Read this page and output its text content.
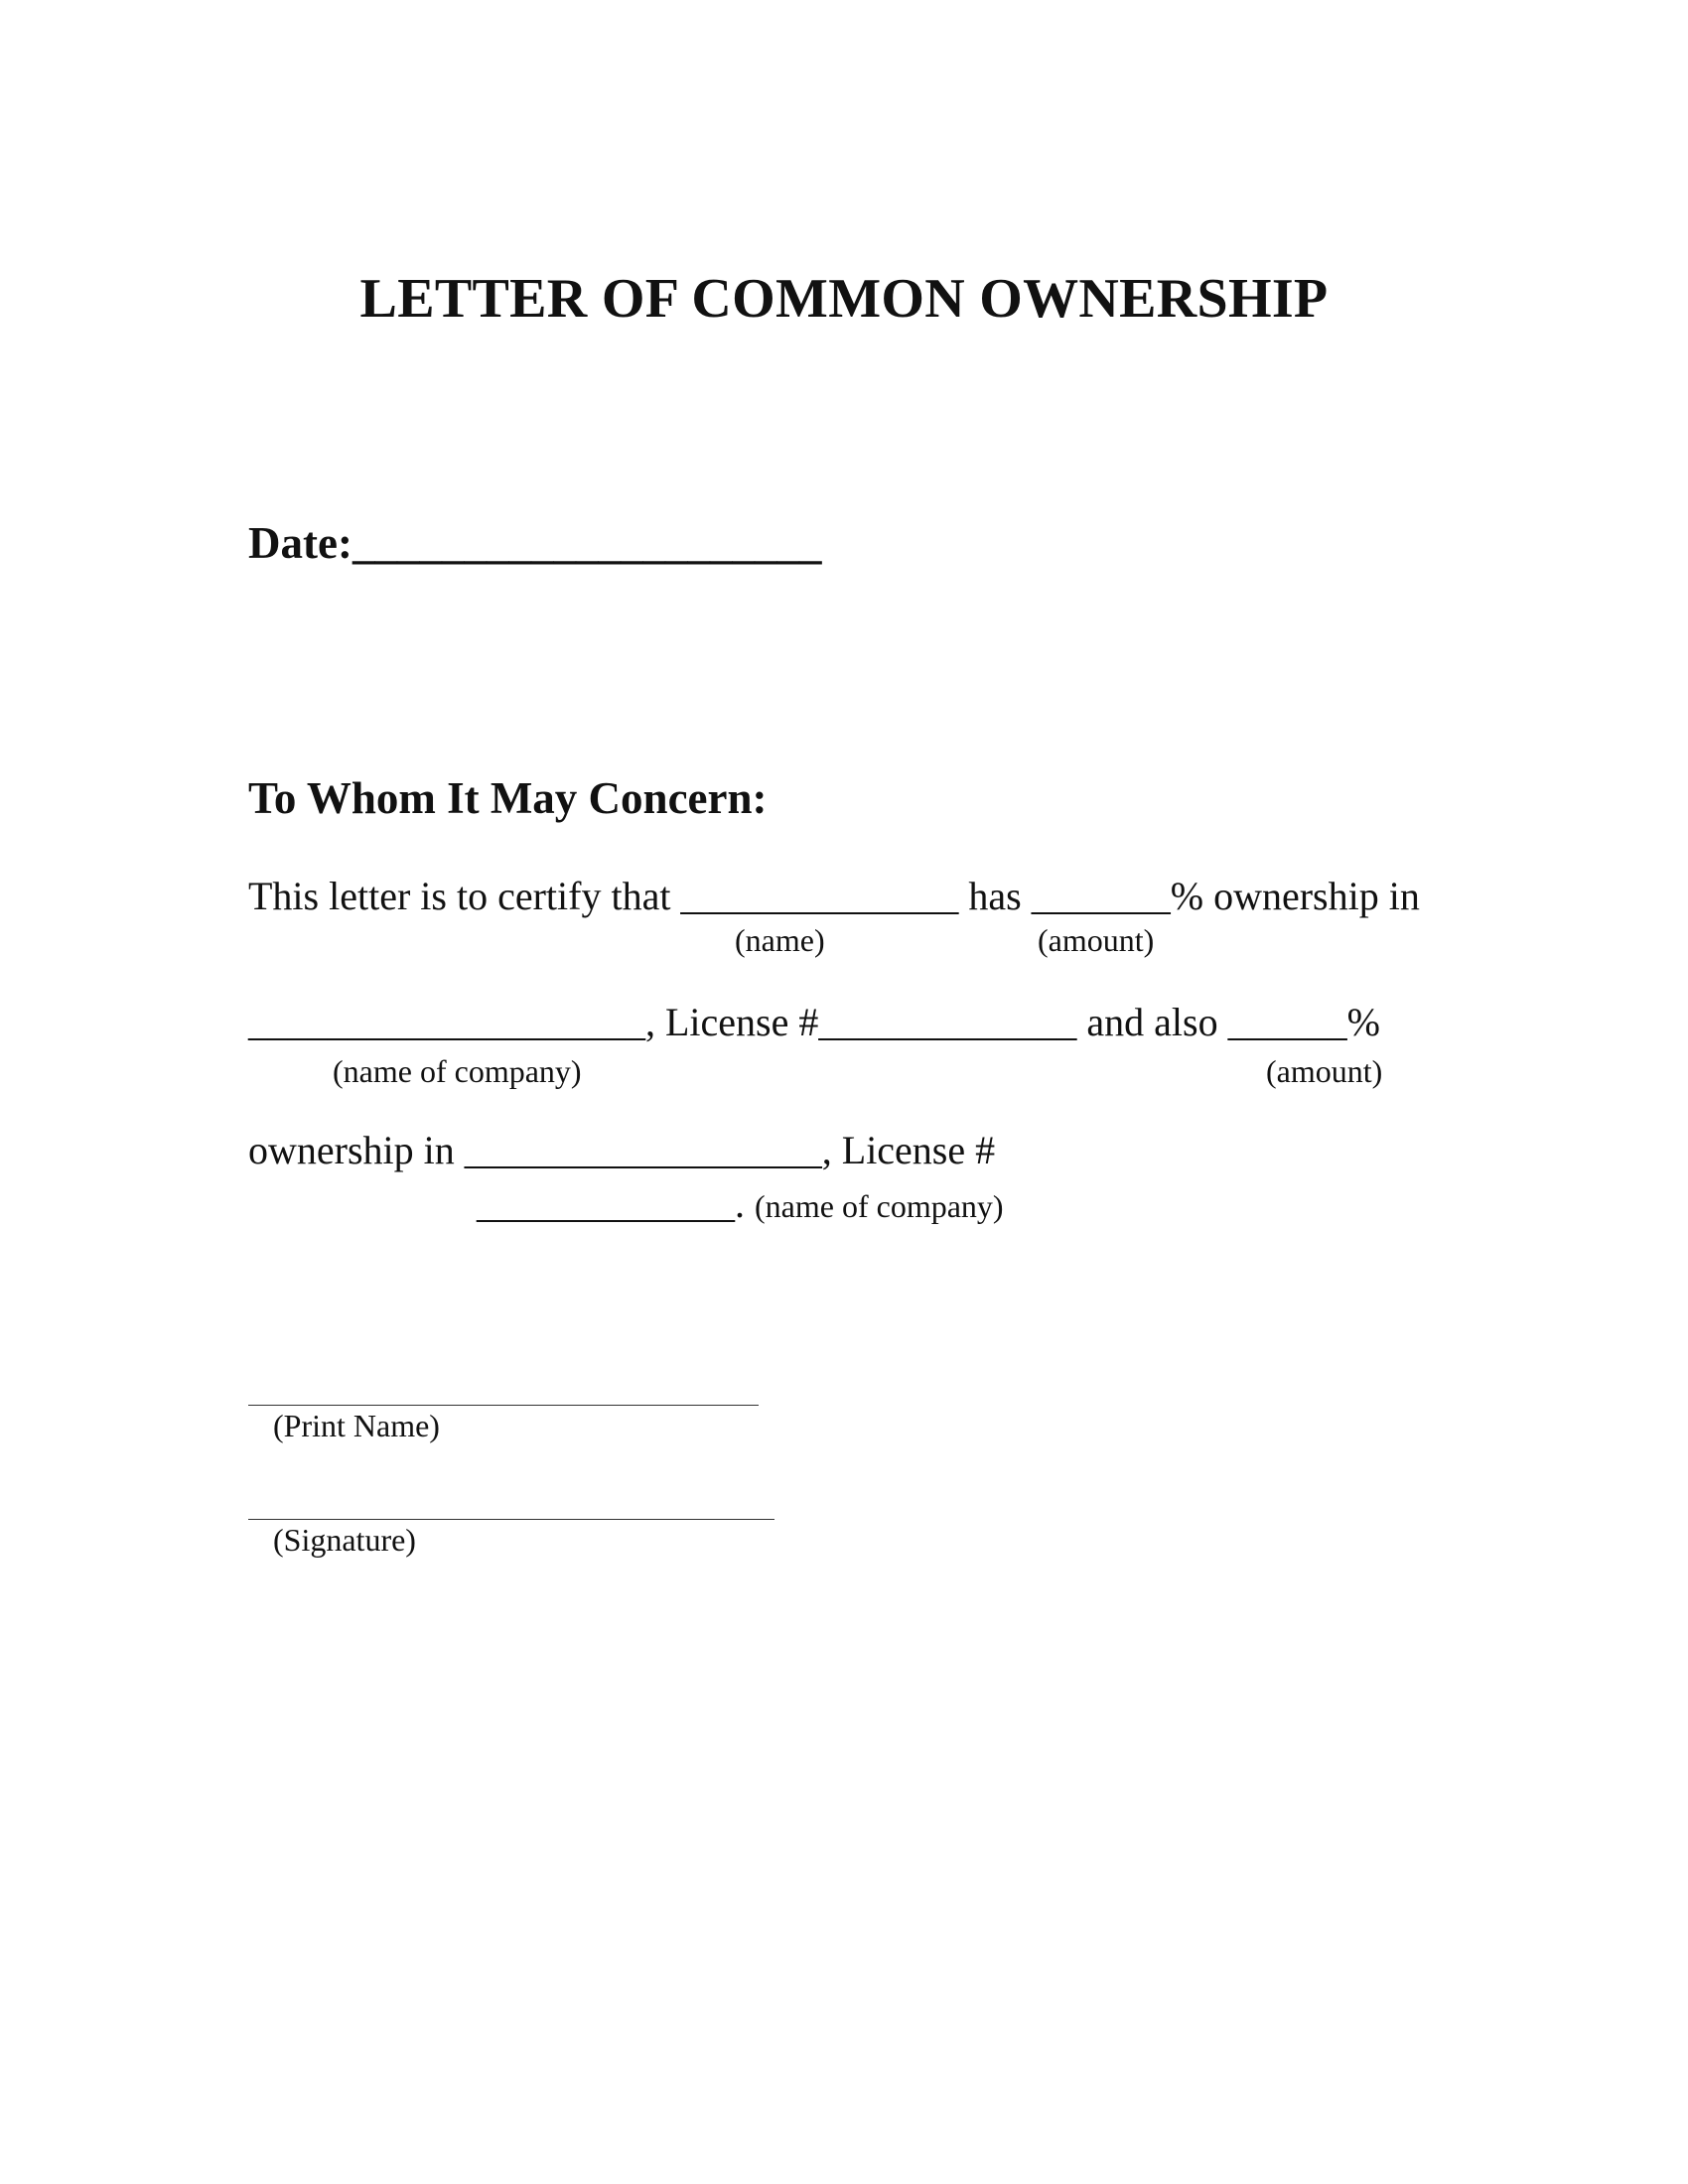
LETTER OF COMMON OWNERSHIP
Date:_____________________
To Whom It May Concern:
This letter is to certify that ______________ has _______% ownership in
(name)	(amount)
____________________, License #_____________ and also ______%
(name of company)	(amount)
ownership in __________________, License #
_____________. (name of company)
(Print Name)
(Signature)
